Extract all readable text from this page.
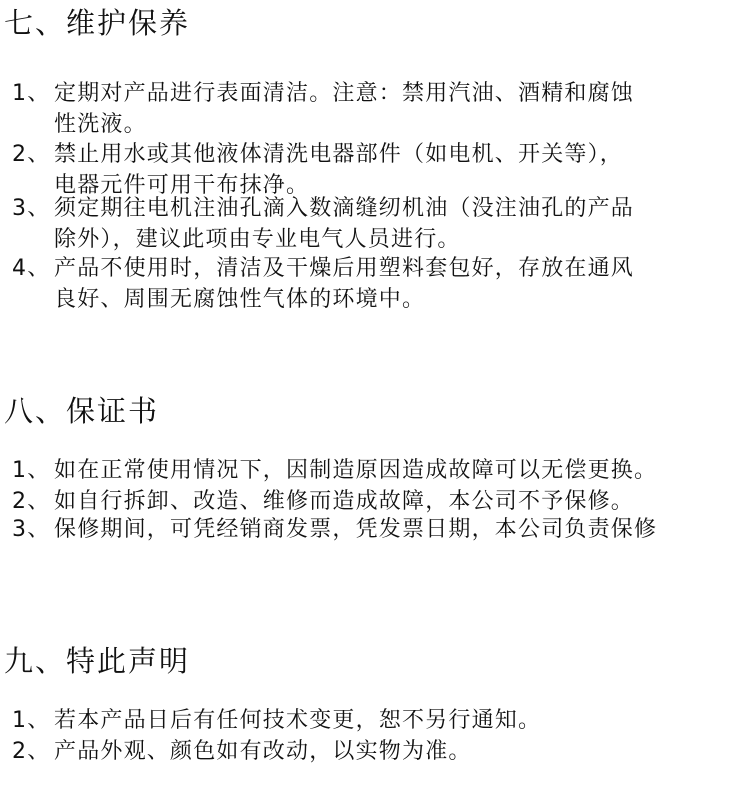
七、维护保养
1、 定期对产品进行表面清洁。注意：禁用汽油、酒精和腐蚀
性洗液。
2、 禁止用水或其他液体清洗电器部件（如电机、开关等），
电器元件可用干布抹净。
3、 须定期往电机注油孔滴入数滴缝纫机油（没注油孔的产品
除外），建议此项由专业电气人员进行。
4、 产品不使用时，清洁及干燥后用塑料套包好，存放在通风
良好、周围无腐蚀性气体的环境中。
八、保证书
1、 如在正常使用情况下，因制造原因造成故障可以无偿更换。
2、 如自行拆卸、改造、维修而造成故障，本公司不予保修。
3、 保修期间，可凭经销商发票，凭发票日期，本公司负责保修
九、特此声明
1、 若本产品日后有任何技术变更，恕不另行通知。
2、 产品外观、颜色如有改动，以实物为准。
